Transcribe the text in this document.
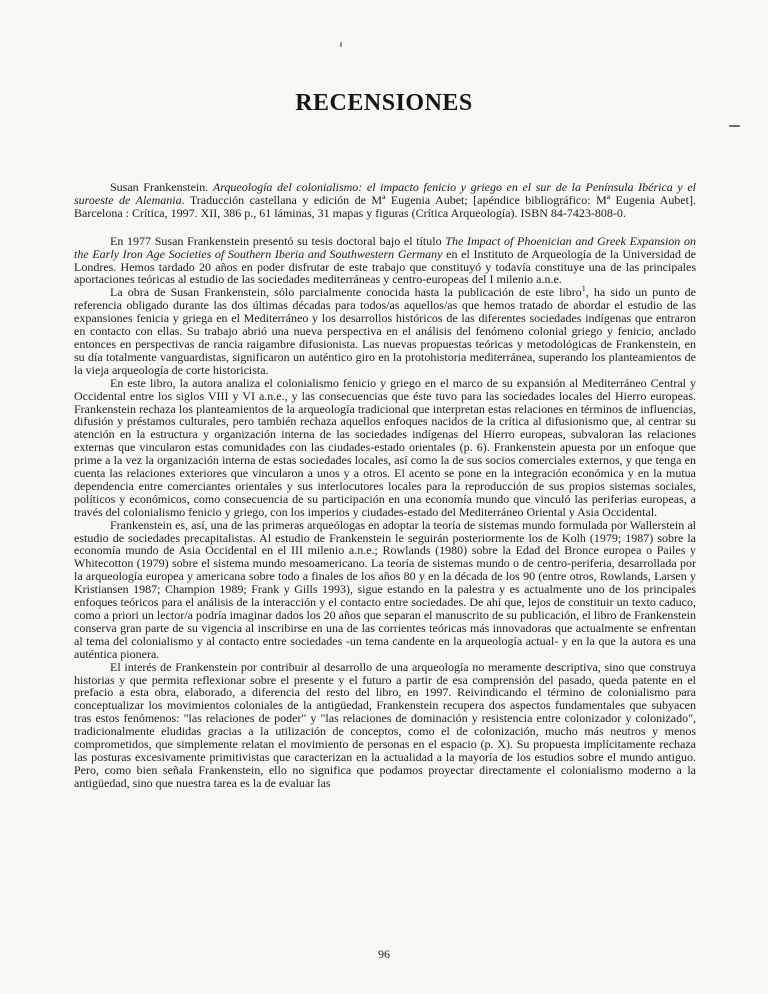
RECENSIONES

Susan Frankenstein. Arqueología del colonialismo: el impacto fenicio y griego en el sur de la Península Ibérica y el suroeste de Alemania. Traducción castellana y edición de Mª Eugenia Aubet; [apéndice bibliográfico: Mª Eugenia Aubet]. Barcelona : Crítica, 1997. XII, 386 p., 61 láminas, 31 mapas y figuras (Crítica Arqueología). ISBN 84-7423-808-0.

En 1977 Susan Frankenstein presentó su tesis doctoral bajo el título The Impact of Phoenician and Greek Expansion on the Early Iron Age Societies of Southern Iberia and Southwestern Germany en el Instituto de Arqueología de la Universidad de Londres. Hemos tardado 20 años en poder disfrutar de este trabajo que constituyó y todavía constituye una de las principales aportaciones teóricas al estudio de las sociedades mediterráneas y centro-europeas del I milenio a.n.e.

La obra de Susan Frankenstein, sólo parcialmente conocida hasta la publicación de este libro$^1$, ha sido un punto de referencia obligado durante las dos últimas décadas para todos/as aquellos/as que hemos tratado de abordar el estudio de las expansiones fenicia y griega en el Mediterráneo y los desarrollos históricos de las diferentes sociedades indígenas que entraron en contacto con ellas. Su trabajo abrió una nueva perspectiva en el análisis del fenómeno colonial griego y fenicio, anclado entonces en perspectivas de rancia raigambre difusionista. Las nuevas propuestas teóricas y metodológicas de Frankenstein, en su día totalmente vanguardistas, significaron un auténtico giro en la protohistoria mediterránea, superando los planteamientos de la vieja arqueología de corte historicista.

En este libro, la autora analiza el colonialismo fenicio y griego en el marco de su expansión al Mediterráneo Central y Occidental entre los siglos VIII y VI a.n.e., y las consecuencias que éste tuvo para las sociedades locales del Hierro europeas. Frankenstein rechaza los planteamientos de la arqueología tradicional que interpretan estas relaciones en términos de influencias, difusión y préstamos culturales, pero también rechaza aquellos enfoques nacidos de la crítica al difusionismo que, al centrar su atención en la estructura y organización interna de las sociedades indígenas del Hierro europeas, subvaloran las relaciones externas que vincularon estas comunidades con las ciudades-estado orientales (p. 6). Frankenstein apuesta por un enfoque que prime a la vez la organización interna de estas sociedades locales, así como la de sus socios comerciales externos, y que tenga en cuenta las relaciones exteriores que vincularon a unos y a otros. El acento se pone en la integración económica y en la mutua dependencia entre comerciantes orientales y sus interlocutores locales para la reproducción de sus propios sistemas sociales, políticos y económicos, como consecuencia de su participación en una economía mundo que vinculó las periferias europeas, a través del colonialismo fenicio y griego, con los imperios y ciudades-estado del Mediterráneo Oriental y Asia Occidental.

Frankenstein es, así, una de las primeras arqueólogas en adoptar la teoría de sistemas mundo formulada por Wallerstein al estudio de sociedades precapitalistas. Al estudio de Frankenstein le seguirán posteriormente los de Kolh (1979; 1987) sobre la economía mundo de Asia Occidental en el III milenio a.n.e.; Rowlands (1980) sobre la Edad del Bronce europea o Pailes y Whitecotton (1979) sobre el sistema mundo mesoamericano. La teoría de sistemas mundo o de centro-periferia, desarrollada por la arqueología europea y americana sobre todo a finales de los años 80 y en la década de los 90 (entre otros, Rowlands, Larsen y Kristiansen 1987; Champion 1989; Frank y Gills 1993), sigue estando en la palestra y es actualmente uno de los principales enfoques teóricos para el análisis de la interacción y el contacto entre sociedades. De ahí que, lejos de constituir un texto caduco, como a priori un lector/a podría imaginar dados los 20 años que separan el manuscrito de su publicación, el libro de Frankenstein conserva gran parte de su vigencia al inscribirse en una de las corrientes teóricas más innovadoras que actualmente se enfrentan al tema del colonialismo y al contacto entre sociedades -un tema candente en la arqueología actual- y en la que la autora es una auténtica pionera.

El interés de Frankenstein por contribuir al desarrollo de una arqueología no meramente descriptiva, sino que construya historias y que permita reflexionar sobre el presente y el futuro a partir de esa comprensión del pasado, queda patente en el prefacio a esta obra, elaborado, a diferencia del resto del libro, en 1997. Reivindicando el término de colonialismo para conceptualizar los movimientos coloniales de la antigüedad, Frankenstein recupera dos aspectos fundamentales que subyacen tras estos fenómenos: "las relaciones de poder" y "las relaciones de dominación y resistencia entre colonizador y colonizado", tradicionalmente eludidas gracias a la utilización de conceptos, como el de colonización, mucho más neutros y menos comprometidos, que simplemente relatan el movimiento de personas en el espacio (p. X). Su propuesta implícitamente rechaza las posturas excesivamente primitivistas que caracterizan en la actualidad a la mayoría de los estudios sobre el mundo antiguo. Pero, como bien señala Frankenstein, ello no significa que podamos proyectar directamente el colonialismo moderno a la antigüedad, sino que nuestra tarea es la de evaluar las

96
